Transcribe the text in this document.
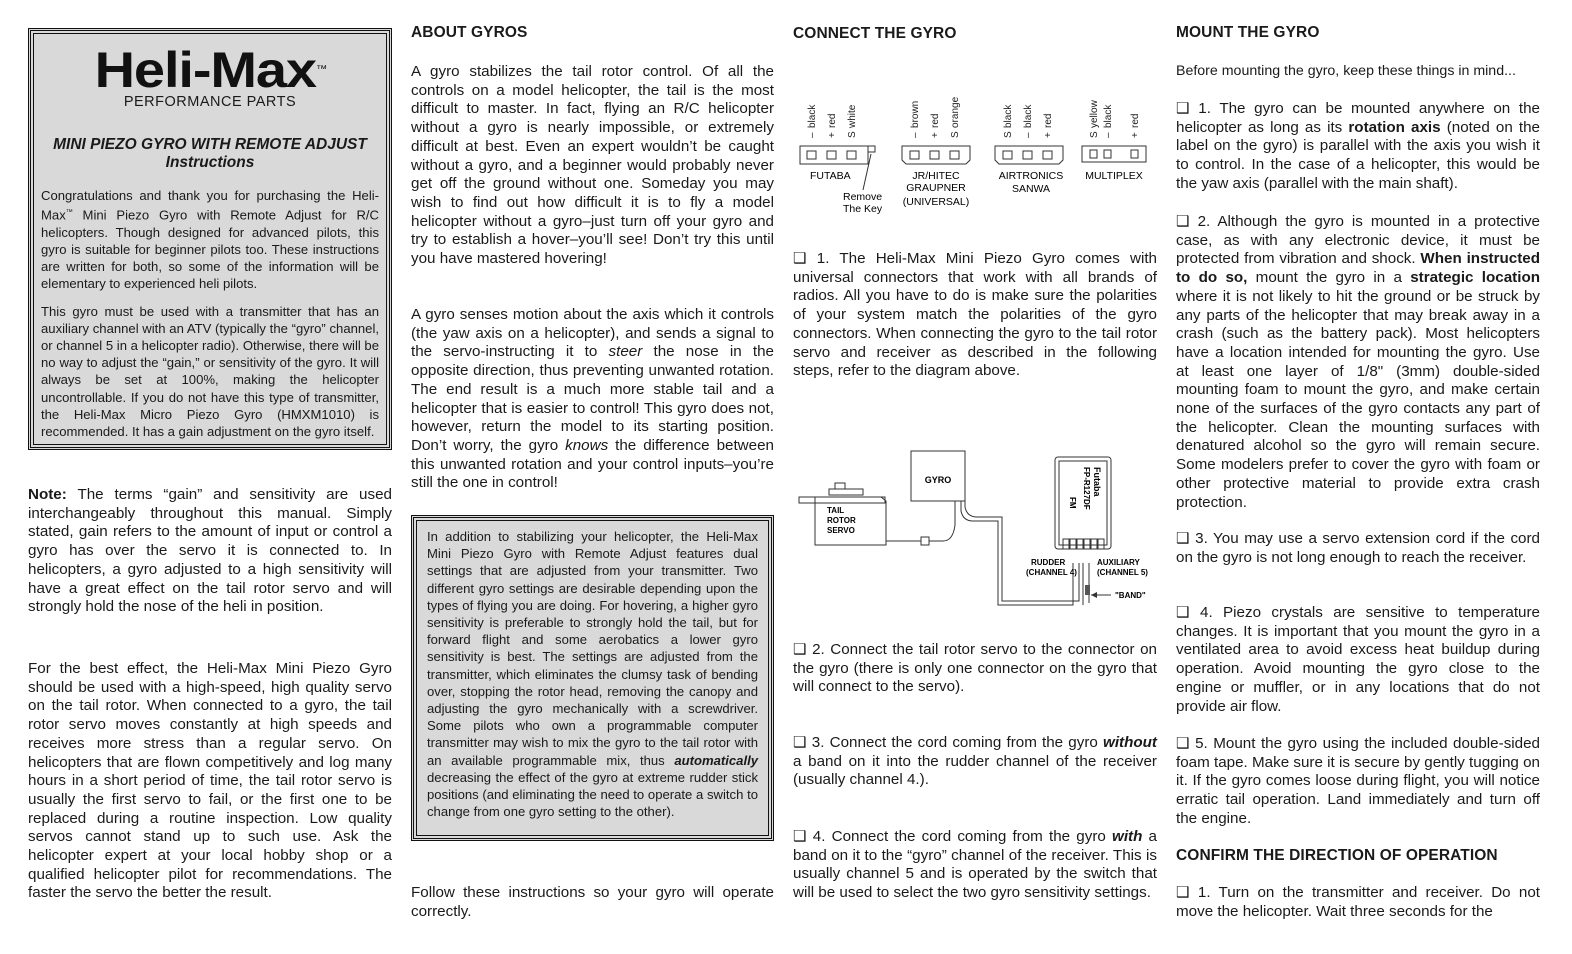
Heli-Max™
PERFORMANCE PARTS
MINI PIEZO GYRO WITH REMOTE ADJUST
Instructions

Congratulations and thank you for purchasing the Heli-Max™ Mini Piezo Gyro with Remote Adjust for R/C helicopters. Though designed for advanced pilots, this gyro is suitable for beginner pilots too. These instructions are written for both, so some of the information will be elementary to experienced heli pilots.

This gyro must be used with a transmitter that has an auxiliary channel with an ATV (typically the “gyro” channel, or channel 5 in a helicopter radio). Otherwise, there will be no way to adjust the “gain,” or sensitivity of the gyro. It will always be set at 100%, making the helicopter uncontrollable. If you do not have this type of transmitter, the Heli-Max Micro Piezo Gyro (HMXM1010) is recommended. It has a gain adjustment on the gyro itself.

Note: The terms “gain” and sensitivity are used interchangeably throughout this manual. Simply stated, gain refers to the amount of input or control a gyro has over the servo it is connected to. In helicopters, a gyro adjusted to a high sensitivity will have a great effect on the tail rotor servo and will strongly hold the nose of the heli in position.

For the best effect, the Heli-Max Mini Piezo Gyro should be used with a high-speed, high quality servo on the tail rotor. When connected to a gyro, the tail rotor servo moves constantly at high speeds and receives more stress than a regular servo. On helicopters that are flown competitively and log many hours in a short period of time, the tail rotor servo is usually the first servo to fail, or the first one to be replaced during a routine inspection. Low quality servos cannot stand up to such use. Ask the helicopter expert at your local hobby shop or a qualified helicopter pilot for recommendations. The faster the servo the better the result.

ABOUT GYROS

A gyro stabilizes the tail rotor control. Of all the controls on a model helicopter, the tail is the most difficult to master. In fact, flying an R/C helicopter without a gyro is nearly impossible, or extremely difficult at best. Even an expert wouldn’t be caught without a gyro, and a beginner would probably never get off the ground without one. Someday you may wish to find out how difficult it is to fly a model helicopter without a gyro–just turn off your gyro and try to establish a hover–you’ll see! Don’t try this until you have mastered hovering!

A gyro senses motion about the axis which it controls (the yaw axis on a helicopter), and sends a signal to the servo-instructing it to steer the nose in the opposite direction, thus preventing unwanted rotation. The end result is a much more stable tail and a helicopter that is easier to control! This gyro does not, however, return the model to its starting position. Don’t worry, the gyro knows the difference between this unwanted rotation and your control inputs–you’re still the one in control!

In addition to stabilizing your helicopter, the Heli-Max Mini Piezo Gyro with Remote Adjust features dual settings that are adjusted from your transmitter. Two different gyro settings are desirable depending upon the types of flying you are doing. For hovering, a higher gyro sensitivity is preferable to strongly hold the tail, but for forward flight and some aerobatics a lower gyro sensitivity is best. The settings are adjusted from the transmitter, which eliminates the clumsy task of bending over, stopping the rotor head, removing the canopy and adjusting the gyro mechanically with a screwdriver. Some pilots who own a programmable computer transmitter may wish to mix the gyro to the tail rotor with an available programmable mix, thus automatically decreasing the effect of the gyro at extreme rudder stick positions (and eliminating the need to operate a switch to change from one gyro setting to the other).

Follow these instructions so your gyro will operate correctly.

CONNECT THE GYRO
– + S
black red white
FUTABA
Remove
The Key
– + S
brown red orange
JR/HITEC
GRAUPNER
(UNIVERSAL)
S – +
black black red
AIRTRONICS
SANWA
S – +
yellow black red
MULTIPLEX

❑ 1. The Heli-Max Mini Piezo Gyro comes with universal connectors that work with all brands of radios. All you have to do is make sure the polarities of your system match the polarities of the gyro connectors. When connecting the gyro to the tail rotor servo and receiver as described in the following steps, refer to the diagram above.

GYRO
TAIL
ROTOR
SERVO
"BAND"
Futaba
FP-R127DF
FM
RUDDER
(CHANNEL 4)
AUXILIARY
(CHANNEL 5)

❑ 2. Connect the tail rotor servo to the connector on the gyro (there is only one connector on the gyro that will connect to the servo).

❑ 3. Connect the cord coming from the gyro without a band on it into the rudder channel of the receiver (usually channel 4.).

❑ 4. Connect the cord coming from the gyro with a band on it to the “gyro” channel of the receiver. This is usually channel 5 and is operated by the switch that will be used to select the two gyro sensitivity settings.

MOUNT THE GYRO

Before mounting the gyro, keep these things in mind...

❑ 1. The gyro can be mounted anywhere on the helicopter as long as its rotation axis (noted on the label on the gyro) is parallel with the axis you wish it to control. In the case of a helicopter, this would be the yaw axis (parallel with the main shaft).

❑ 2. Although the gyro is mounted in a protective case, as with any electronic device, it must be protected from vibration and shock. When instructed to do so, mount the gyro in a strategic location where it is not likely to hit the ground or be struck by any parts of the helicopter that may break away in a crash (such as the battery pack). Most helicopters have a location intended for mounting the gyro. Use at least one layer of 1/8" (3mm) double-sided mounting foam to mount the gyro, and make certain none of the surfaces of the gyro contacts any part of the helicopter. Clean the mounting surfaces with denatured alcohol so the gyro will remain secure. Some modelers prefer to cover the gyro with foam or other protective material to provide extra crash protection.

❑ 3. You may use a servo extension cord if the cord on the gyro is not long enough to reach the receiver.

❑ 4. Piezo crystals are sensitive to temperature changes. It is important that you mount the gyro in a ventilated area to avoid excess heat buildup during operation. Avoid mounting the gyro close to the engine or muffler, or in any locations that do not provide air flow.

❑ 5. Mount the gyro using the included double-sided foam tape. Make sure it is secure by gently tugging on it. If the gyro comes loose during flight, you will notice erratic tail operation. Land immediately and turn off the engine.

CONFIRM THE DIRECTION OF OPERATION

❑ 1. Turn on the transmitter and receiver. Do not move the helicopter. Wait three seconds for the
